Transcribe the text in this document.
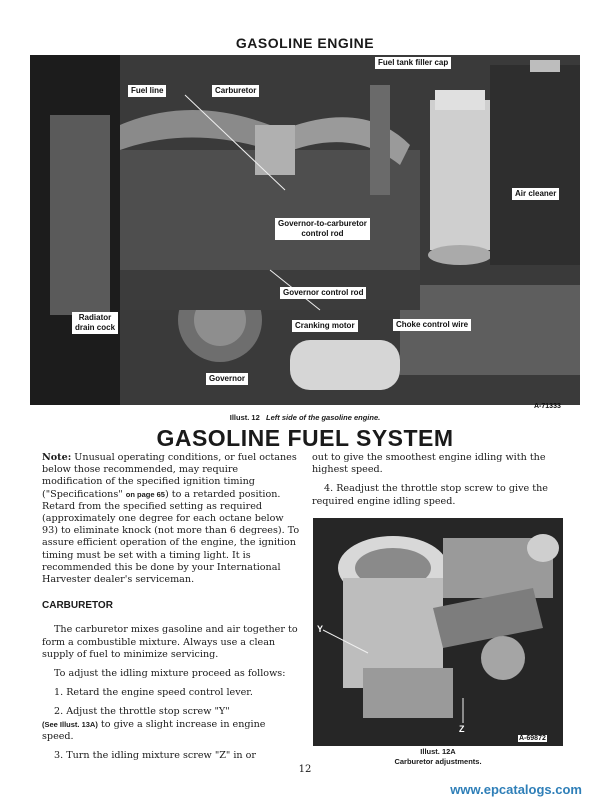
GASOLINE ENGINE
Fuel tank filler cap
Fuel line	Carburetor
Air cleaner
Governor-to-carburetor
control rod
Governor control rod
Cranking motor	Choke control wire
Radiator
drain cock
Governor
A-71333
Illust. 12 Left side of the gasoline engine.
GASOLINE FUEL SYSTEM

Note: Unusual operating conditions, or fuel octanes below those recommended, may require modification of the specified ignition timing ("Specifications" on page 65) to a retarded position. Retard from the specified setting as required (approximately one degree for each octane below 93) to eliminate knock (not more than 6 degrees). To assure efficient operation of the engine, the ignition timing must be set with a timing light. It is recommended this be done by your International Harvester dealer's serviceman.

CARBURETOR

The carburetor mixes gasoline and air together to form a combustible mixture. Always use a clean supply of fuel to minimize servicing.

To adjust the idling mixture proceed as follows:

1. Retard the engine speed control lever.

2. Adjust the throttle stop screw "Y"
(See Illust. 13A) to give a slight increase in engine speed.

3. Turn the idling mixture screw "Z" in or

out to give the smoothest engine idling with the highest speed.

4. Readjust the throttle stop screw to give the required engine idling speed.

Y
Z
A-69872
Illust. 12A
Carburetor adjustments.
12
www.epcatalogs.com
